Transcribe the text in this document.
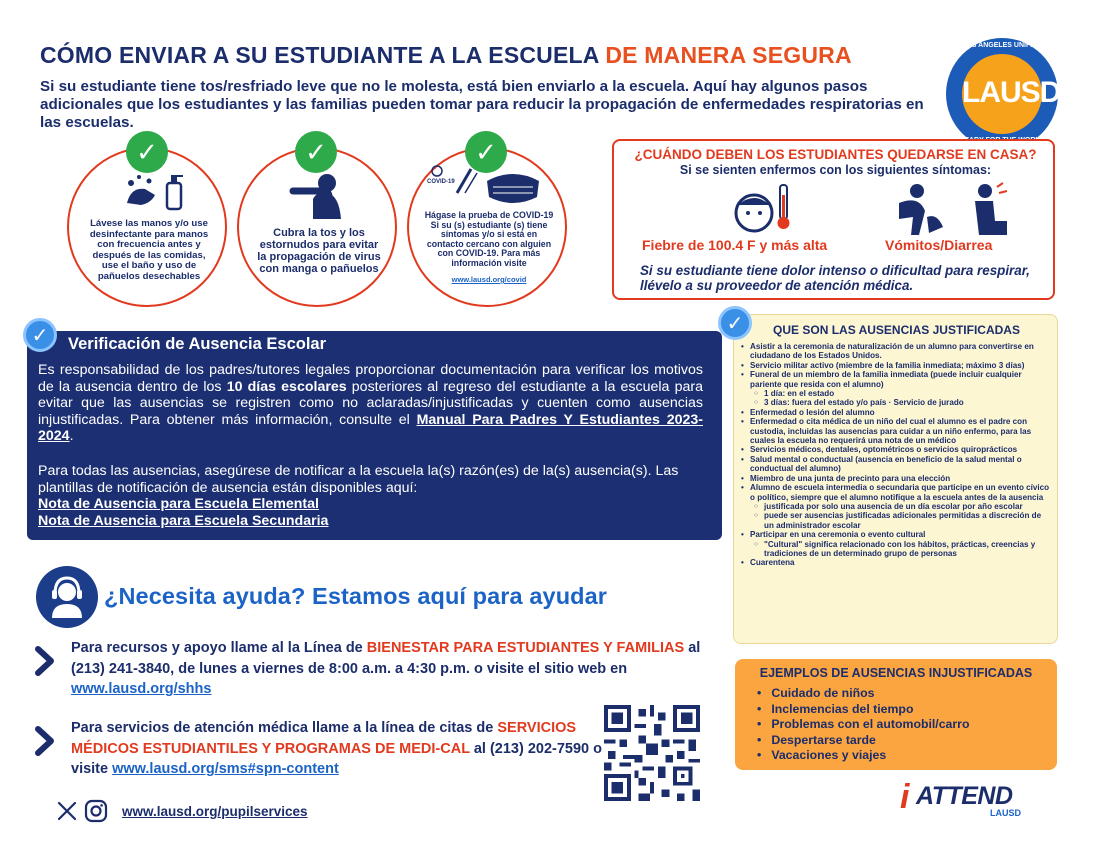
CÓMO ENVIAR A SU ESTUDIANTE A LA ESCUELA DE MANERA SEGURA
Si su estudiante tiene tos/resfriado leve que no le molesta, está bien enviarlo a la escuela. Aquí hay algunos pasos adicionales que los estudiantes y las familias pueden tomar para reducir la propagación de enfermedades respiratorias en las escuelas.
LOS ANGELES UNIFIED
LAUSD
Lávese las manos y/o use desinfectante para manos con frecuencia antes y después de las comidas, use el baño y uso de pañuelos desechables
✓
Cubra la tos y los estornudos para evitar la propagación de virus con manga o pañuelos
✓
COVID-19
Hágase la prueba de COVID-19 Si su (s) estudiante (s) tiene síntomas y/o si está en contacto cercano con alguien con COVID-19. Para más información visite
www.lausd.org/covid
✓	¿CUÁNDO DEBEN LOS ESTUDIANTES QUEDARSE EN CASA?
Si se sienten enfermos con los siguientes síntomas:
Fiebre de 100.4 F y más alta	Vómitos/Diarrea
Si su estudiante tiene dolor intenso o dificultad para respirar, llévelo a su proveedor de atención médica.
Verificación de Ausencia Escolar
Es responsabilidad de los padres/tutores legales proporcionar documentación para verificar los motivos de la ausencia dentro de los 10 días escolares posteriores al regreso del estudiante a la escuela para evitar que las ausencias se registren como no aclaradas/injustificadas y cuenten como ausencias injustificadas. Para obtener más información, consulte el Manual Para Padres Y Estudiantes 2023-2024.
Para todas las ausencias, asegúrese de notificar a la escuela la(s) razón(es) de la(s) ausencia(s). Las plantillas de notificación de ausencia están disponibles aquí:
Nota de Ausencia para Escuela Elemental
Nota de Ausencia para Escuela Secundaria
✓	QUE SON LAS AUSENCIAS JUSTIFICADAS
• Asistir a la ceremonia de naturalización de un alumno para convertirse en ciudadano de los Estados Unidos.
• Servicio militar activo (miembre de la familia inmediata; máximo 3 días)
• Funeral de un miembro de la familia inmediata (puede incluir cualquier pariente que resida con el alumno)
○ 1 día: en el estado
○ 3 días: fuera del estado y/o país · Servicio de jurado
• Enfermedad o lesión del alumno
• Enfermedad o cita médica de un niño del cual el alumno es el padre con custodia, incluidas las ausencias para cuidar a un niño enfermo, para las cuales la escuela no requerirá una nota de un médico
• Servicios médicos, dentales, optométricos o servicios quiroprácticos
• Salud mental o conductual (ausencia en beneficio de la salud mental o conductual del alumno)
• Miembro de una junta de precinto para una elección
• Alumno de escuela intermedia o secundaria que participe en un evento cívico o político, siempre que el alumno notifique a la escuela antes de la ausencia
○ justificada por solo una ausencia de un día escolar por año escolar
○ puede ser ausencias justificadas adicionales permitidas a discreción de un administrador escolar
• Participar en una ceremonia o evento cultural
○ "Cultural" significa relacionado con los hábitos, prácticas, creencias y tradiciones de un determinado grupo de personas
• Cuarentena
✓
EJEMPLOS DE AUSENCIAS INJUSTIFICADAS
• Cuidado de niños
• Inclemencias del tiempo
• Problemas con el automobil/carro
• Despertarse tarde
• Vacaciones y viajes
¿Necesita ayuda? Estamos aquí para ayudar
Para recursos y apoyo llame al la Línea de BIENESTAR PARA ESTUDIANTES Y FAMILIAS al (213) 241-3840, de lunes a viernes de 8:00 a.m. a 4:30 p.m. o visite el sitio web en www.lausd.org/shhs
Para servicios de atención médica llame a la línea de citas de SERVICIOS MÉDICOS ESTUDIANTILES Y PROGRAMAS DE MEDI-CAL al (213) 202-7590 o visite www.lausd.org/sms#spn-content
www.lausd.org/pupilservices	i ATTEND
LAUSD
